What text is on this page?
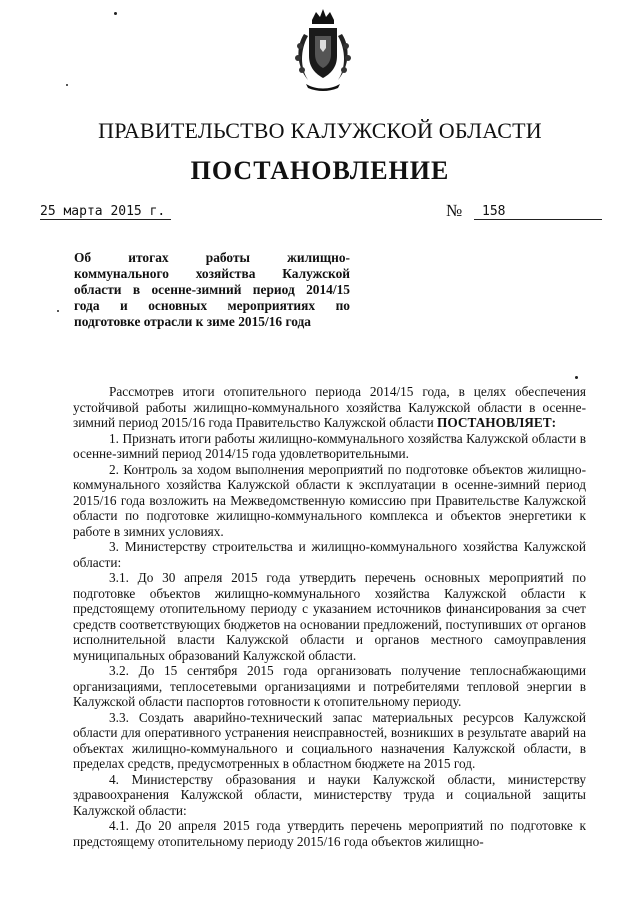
ПРАВИТЕЛЬСТВО КАЛУЖСКОЙ ОБЛАСТИ
ПОСТАНОВЛЕНИЕ
25 марта 2015 г.	№	158
Об итогах работы жилищно-
коммунального хозяйства Калужской
области в осенне-зимний период 2014/15
года и основных мероприятиях по
подготовке отрасли к зиме 2015/16 года

Рассмотрев итоги отопительного периода 2014/15 года, в целях обеспечения устойчивой работы жилищно-коммунального хозяйства Калужской области в осенне-зимний период 2015/16 года Правительство Калужской области ПОСТАНОВЛЯЕТ:

1. Признать итоги работы жилищно-коммунального хозяйства Калужской области в осенне-зимний период 2014/15 года удовлетворительными.

2. Контроль за ходом выполнения мероприятий по подготовке объектов жилищно-коммунального хозяйства Калужской области к эксплуатации в осенне-зимний период 2015/16 года возложить на Межведомственную комиссию при Правительстве Калужской области по подготовке жилищно-коммунального комплекса и объектов энергетики к работе в зимних условиях.

3. Министерству строительства и жилищно-коммунального хозяйства Калужской области:

3.1. До 30 апреля 2015 года утвердить перечень основных мероприятий по подготовке объектов жилищно-коммунального хозяйства Калужской области к предстоящему отопительному периоду с указанием источников финансирования за счет средств соответствующих бюджетов на основании предложений, поступивших от органов исполнительной власти Калужской области и органов местного самоуправления муниципальных образований Калужской области.

3.2. До 15 сентября 2015 года организовать получение теплоснабжающими организациями, теплосетевыми организациями и потребителями тепловой энергии в Калужской области паспортов готовности к отопительному периоду.

3.3. Создать аварийно-технический запас материальных ресурсов Калужской области для оперативного устранения неисправностей, возникших в результате аварий на объектах жилищно-коммунального и социального назначения Калужской области, в пределах средств, предусмотренных в областном бюджете на 2015 год.

4. Министерству образования и науки Калужской области, министерству здравоохранения Калужской области, министерству труда и социальной защиты Калужской области:

4.1. До 20 апреля 2015 года утвердить перечень мероприятий по подготовке к предстоящему отопительному периоду 2015/16 года объектов жилищно-
